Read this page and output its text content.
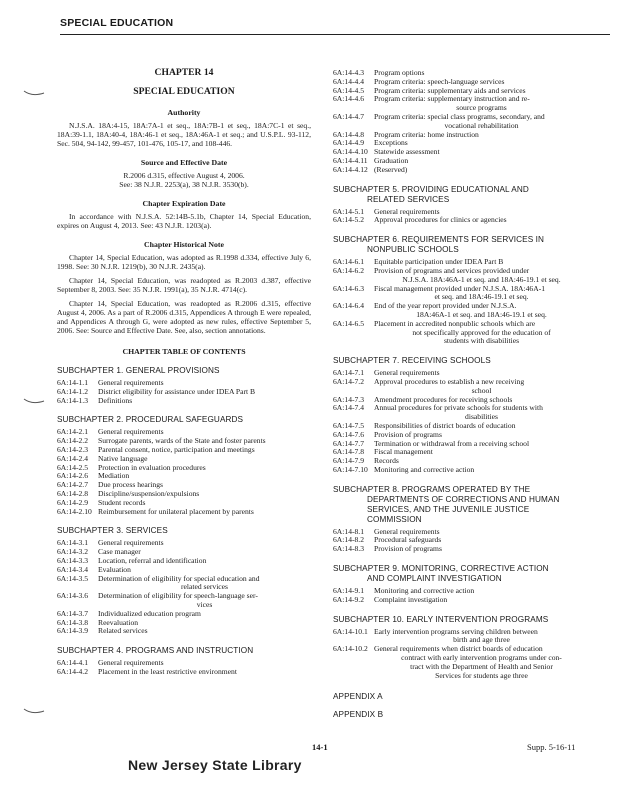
SPECIAL EDUCATION
CHAPTER 14
SPECIAL EDUCATION
Authority

N.J.S.A. 18A:4-15, 18A:7A-1 et seq., 18A:7B-1 et seq., 18A:7C-1 et seq., 18A:39-1.1, 18A:40-4, 18A:46-1 et seq., 18A:46A-1 et seq.; and U.S.P.L. 93-112, Sec. 504, 94-142, 99-457, 101-476, 105-17, and 108-446.

Source and Effective Date

R.2006 d.315, effective August 4, 2006.

See: 38 N.J.R. 2253(a), 38 N.J.R. 3530(b).

Chapter Expiration Date

In accordance with N.J.S.A. 52:14B-5.1b, Chapter 14, Special Education, expires on August 4, 2013. See: 43 N.J.R. 1203(a).

Chapter Historical Note

Chapter 14, Special Education, was adopted as R.1998 d.334, effective July 6, 1998. See: 30 N.J.R. 1219(b), 30 N.J.R. 2435(a).

Chapter 14, Special Education, was readopted as R.2003 d.387, effective September 8, 2003. See: 35 N.J.R. 1991(a), 35 N.J.R. 4714(c).

Chapter 14, Special Education, was readopted as R.2006 d.315, effective August 4, 2006. As a part of R.2006 d.315, Appendices A through E were repealed, and Appendices A through G, were adopted as new rules, effective September 5, 2006. See: Source and Effective Date. See, also, section annotations.

CHAPTER TABLE OF CONTENTS
SUBCHAPTER 1. GENERAL PROVISIONS
6A:14-1.1	General requirements
6A:14-1.2	District eligibility for assistance under IDEA Part B
6A:14-1.3	Definitions
SUBCHAPTER 2. PROCEDURAL SAFEGUARDS
6A:14-2.1	General requirements
6A:14-2.2	Surrogate parents, wards of the State and foster parents
6A:14-2.3	Parental consent, notice, participation and meetings
6A:14-2.4	Native language
6A:14-2.5	Protection in evaluation procedures
6A:14-2.6	Mediation
6A:14-2.7	Due process hearings
6A:14-2.8	Discipline/suspension/expulsions
6A:14-2.9	Student records
6A:14-2.10 Reimbursement for unilateral placement by parents
SUBCHAPTER 3. SERVICES
6A:14-3.1	General requirements
6A:14-3.2	Case manager
6A:14-3.3	Location, referral and identification
6A:14-3.4	Evaluation
6A:14-3.5	Determination of eligibility for special education and
related services
6A:14-3.6	Determination of eligibility for speech-language ser-
vices
6A:14-3.7	Individualized education program
6A:14-3.8	Reevaluation
6A:14-3.9	Related services
SUBCHAPTER 4. PROGRAMS AND INSTRUCTION
6A:14-4.1	General requirements
6A:14-4.2	Placement in the least restrictive environment
6A:14-4.3	Program options
6A:14-4.4	Program criteria: speech-language services
6A:14-4.5	Program criteria: supplementary aids and services
6A:14-4.6	Program criteria: supplementary instruction and re-
source programs
6A:14-4.7	Program criteria: special class programs, secondary, and
vocational rehabilitation
6A:14-4.8	Program criteria: home instruction
6A:14-4.9	Exceptions
6A:14-4.10 Statewide assessment
6A:14-4.11 Graduation
6A:14-4.12 (Reserved)
SUBCHAPTER 5. PROVIDING EDUCATIONAL AND
RELATED SERVICES
6A:14-5.1	General requirements
6A:14-5.2	Approval procedures for clinics or agencies
SUBCHAPTER 6. REQUIREMENTS FOR SERVICES IN
NONPUBLIC SCHOOLS
6A:14-6.1	Equitable participation under IDEA Part B
6A:14-6.2	Provision of programs and services provided under
N.J.S.A. 18A:46A-1 et seq. and 18A:46-19.1 et seq.
6A:14-6.3	Fiscal management provided under N.J.S.A. 18A:46A-1
et seq. and 18A:46-19.1 et seq.
6A:14-6.4	End of the year report provided under N.J.S.A.
18A:46A-1 et seq. and 18A:46-19.1 et seq.
6A:14-6.5	Placement in accredited nonpublic schools which are
not specifically approved for the education of
students with disabilities
SUBCHAPTER 7. RECEIVING SCHOOLS
6A:14-7.1	General requirements
6A:14-7.2	Approval procedures to establish a new receiving
school
6A:14-7.3	Amendment procedures for receiving schools
6A:14-7.4	Annual procedures for private schools for students with
disabilities
6A:14-7.5	Responsibilities of district boards of education
6A:14-7.6	Provision of programs
6A:14-7.7	Termination or withdrawal from a receiving school
6A:14-7.8	Fiscal management
6A:14-7.9	Records
6A:14-7.10 Monitoring and corrective action
SUBCHAPTER 8. PROGRAMS OPERATED BY THE
DEPARTMENTS OF CORRECTIONS AND HUMAN
SERVICES, AND THE JUVENILE JUSTICE
COMMISSION
6A:14-8.1	General requirements
6A:14-8.2	Procedural safeguards
6A:14-8.3	Provision of programs
SUBCHAPTER 9. MONITORING, CORRECTIVE ACTION
AND COMPLAINT INVESTIGATION
6A:14-9.1	Monitoring and corrective action
6A:14-9.2	Complaint investigation
SUBCHAPTER 10. EARLY INTERVENTION PROGRAMS
6A:14-10.1 Early intervention programs serving children between
birth and age three
6A:14-10.2 General requirements when district boards of education
contract with early intervention programs under con-
tract with the Department of Health and Senior
Services for students age three
APPENDIX A
APPENDIX B
14-1	Supp. 5-16-11
New Jersey State Library
